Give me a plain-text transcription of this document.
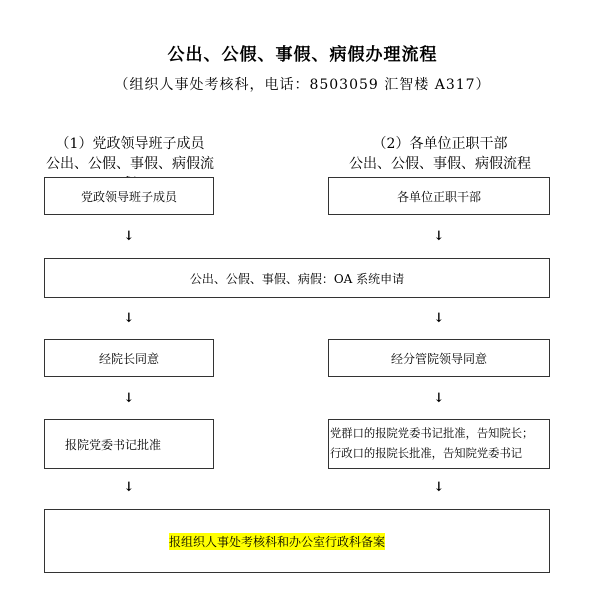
公出、公假、事假、病假办理流程
（组织人事处考核科，电话：8503059 汇智楼 A317）
（1）党政领导班子成员
公出、公假、事假、病假流
（2）各单位正职干部
公出、公假、事假、病假流程
党政领导班子成员	各单位正职干部
↓	↓
公出、公假、事假、病假：OA 系统申请
↓	↓
经院长同意	经分管院领导同意
↓	↓
报院党委书记批准
党群口的报院党委书记批准，告知院长；
行政口的报院长批准，告知院党委书记
↓	↓
报组织人事处考核科和办公室行政科备案
